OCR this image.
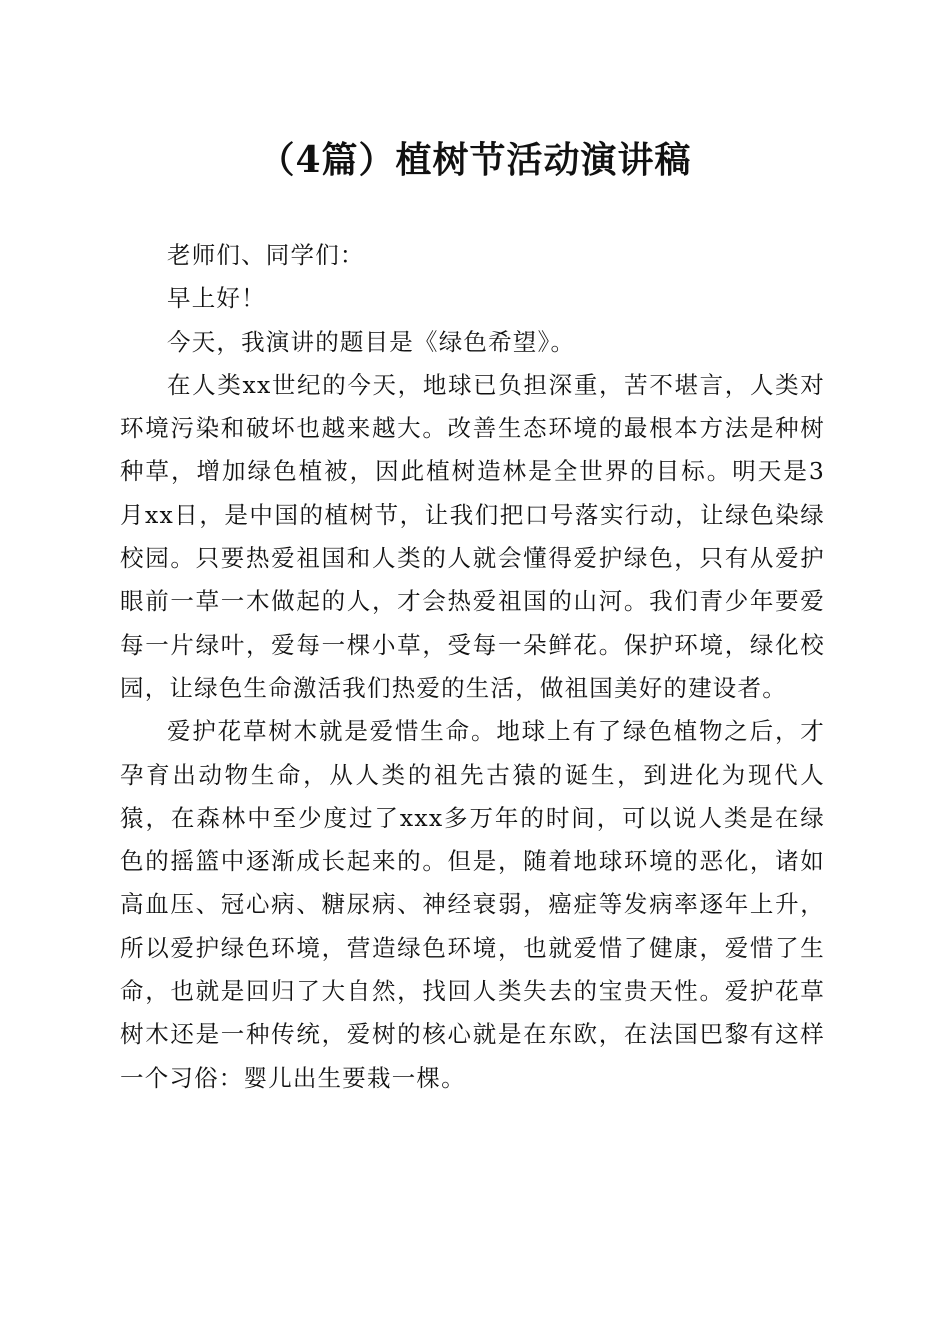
（4篇）植树节活动演讲稿

老师们、同学们：

早上好！

今天，我演讲的题目是《绿色希望》。

在人类xx世纪的今天，地球已负担深重，苦不堪言，人类对环境污染和破坏也越来越大。改善生态环境的最根本方法是种树种草，增加绿色植被，因此植树造林是全世界的目标。明天是3月xx日，是中国的植树节，让我们把口号落实行动，让绿色染绿校园。只要热爱祖国和人类的人就会懂得爱护绿色，只有从爱护眼前一草一木做起的人，才会热爱祖国的山河。我们青少年要爱每一片绿叶，爱每一棵小草，受每一朵鲜花。保护环境，绿化校园，让绿色生命激活我们热爱的生活，做祖国美好的建设者。

爱护花草树木就是爱惜生命。地球上有了绿色植物之后，才孕育出动物生命，从人类的祖先古猿的诞生，到进化为现代人猿，在森林中至少度过了xxx多万年的时间，可以说人类是在绿色的摇篮中逐渐成长起来的。但是，随着地球环境的恶化，诸如高血压、冠心病、糖尿病、神经衰弱，癌症等发病率逐年上升，所以爱护绿色环境，营造绿色环境，也就爱惜了健康，爱惜了生命，也就是回归了大自然，找回人类失去的宝贵天性。爱护花草树木还是一种传统，爱树的核心就是在东欧，在法国巴黎有这样一个习俗：婴儿出生要栽一棵。
